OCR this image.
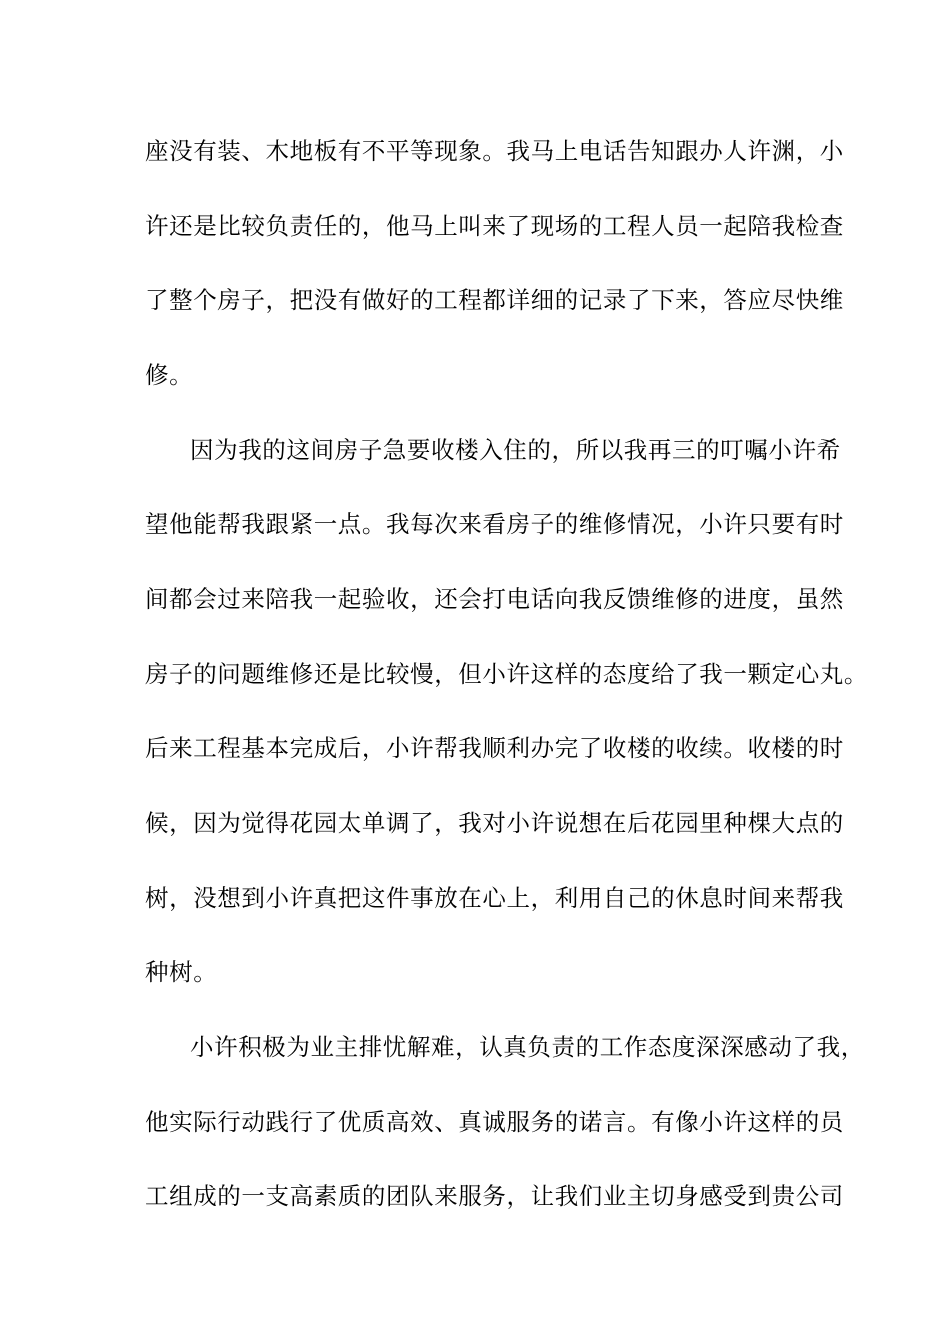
座没有装、木地板有不平等现象。我马上电话告知跟办人许渊，小
许还是比较负责任的，他马上叫来了现场的工程人员一起陪我检查
了整个房子，把没有做好的工程都详细的记录了下来，答应尽快维
修。
因为我的这间房子急要收楼入住的，所以我再三的叮嘱小许希
望他能帮我跟紧一点。我每次来看房子的维修情况，小许只要有时
间都会过来陪我一起验收，还会打电话向我反馈维修的进度，虽然
房子的问题维修还是比较慢，但小许这样的态度给了我一颗定心丸。
后来工程基本完成后，小许帮我顺利办完了收楼的收续。收楼的时
候，因为觉得花园太单调了，我对小许说想在后花园里种棵大点的
树，没想到小许真把这件事放在心上，利用自己的休息时间来帮我
种树。
小许积极为业主排忧解难，认真负责的工作态度深深感动了我，
他实际行动践行了优质高效、真诚服务的诺言。有像小许这样的员
工组成的一支高素质的团队来服务，让我们业主切身感受到贵公司
